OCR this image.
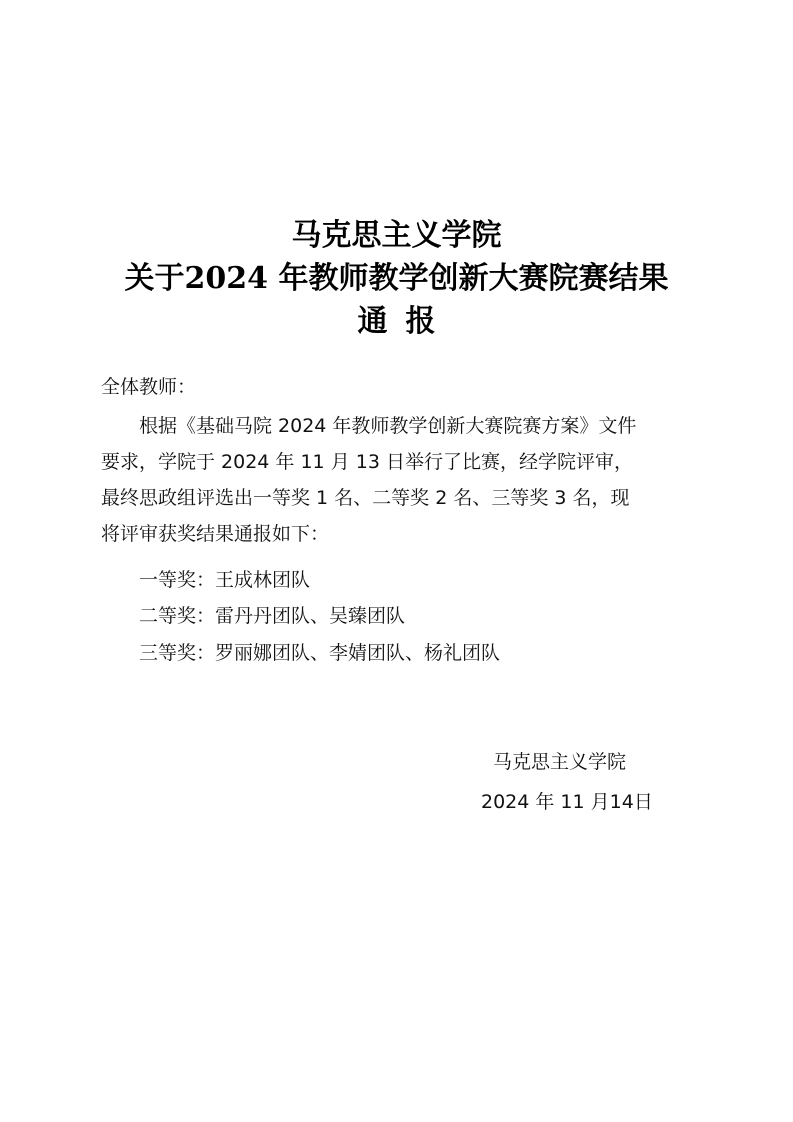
马克思主义学院
关于2024 年教师教学创新大赛院赛结果
通报
全体教师：
根据《基础马院 2024 年教师教学创新大赛院赛方案》文件
要求，学院于 2024 年 11 月 13 日举行了比赛，经学院评审，
最终思政组评选出一等奖 1 名、二等奖 2 名、三等奖 3 名，现
将评审获奖结果通报如下：
一等奖：王成林团队
二等奖：雷丹丹团队、吴臻团队
三等奖：罗丽娜团队、李婧团队、杨礼团队
马克思主义学院
2024 年 11 月14日
